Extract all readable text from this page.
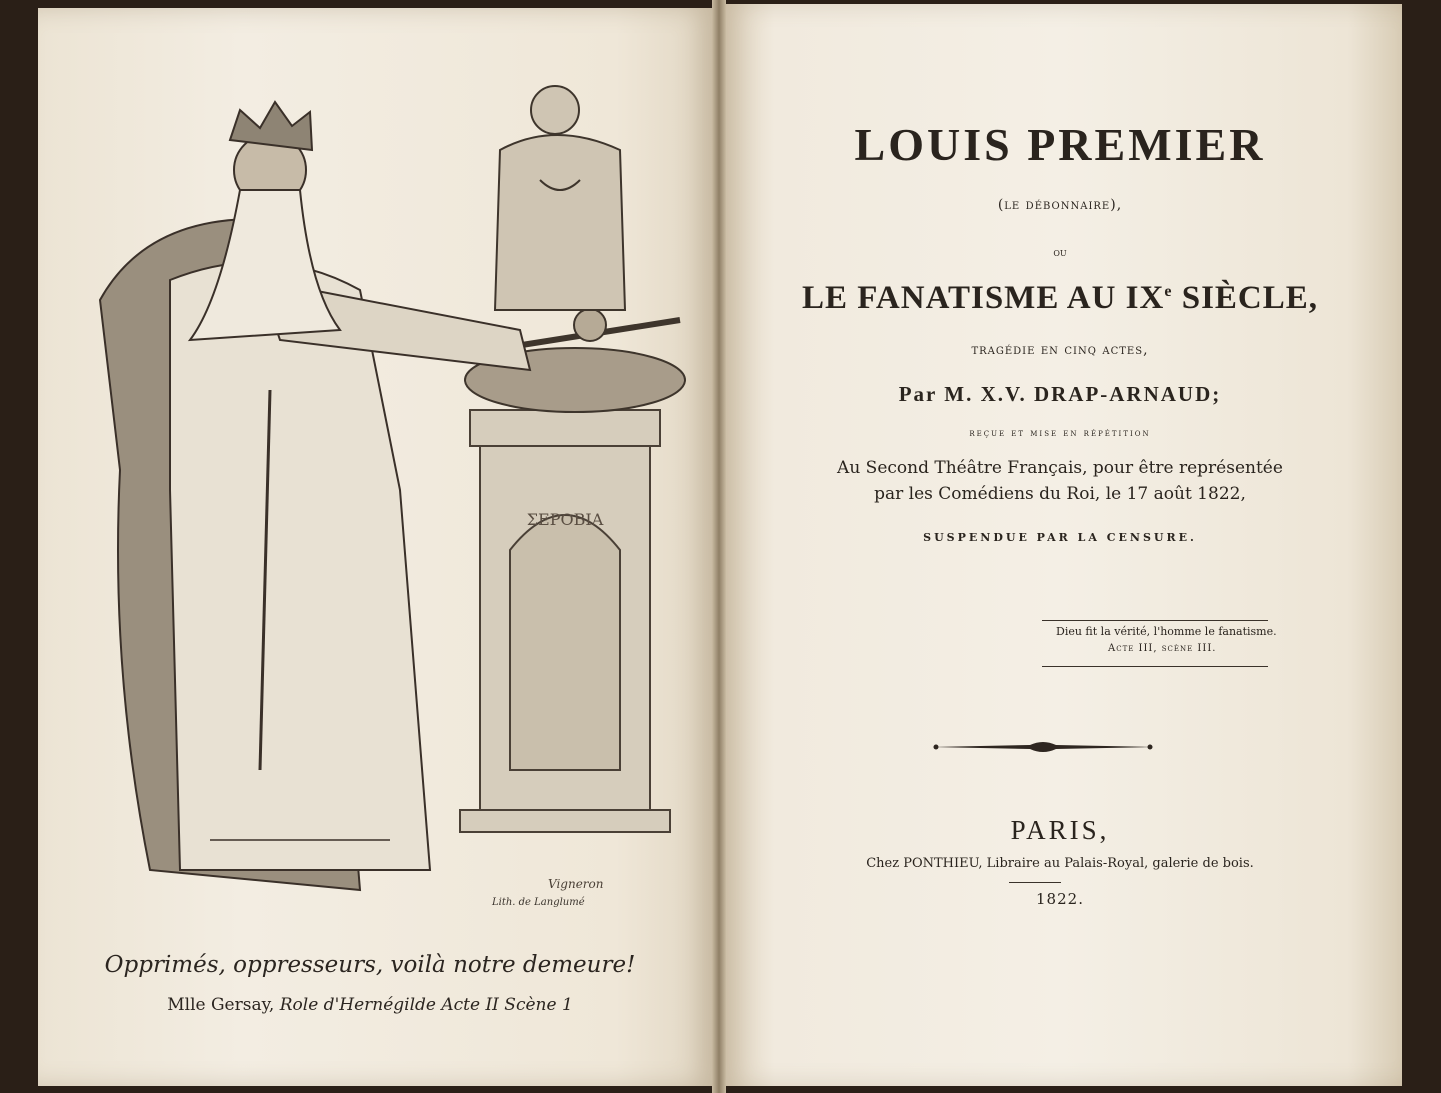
ΣΕΡΟΒΙΑ
Vigneron
Lith. de Langlumé
Opprimés, oppresseurs, voilà notre demeure!
Mlle Gersay, Role d'Hernégilde Acte II Scène 1
LOUIS PREMIER
(le débonnaire),
ou
LE FANATISME AU IXe SIÈCLE,
tragédie en cinq actes,
Par M. X.V. DRAP-ARNAUD;
reçue et mise en répétition
Au Second Théâtre Français, pour être représentée
par les Comédiens du Roi, le 17 août 1822,
SUSPENDUE PAR LA CENSURE.
Dieu fit la vérité, l'homme le fanatisme.
Acte III, scène III.
PARIS,
Chez PONTHIEU, Libraire au Palais-Royal, galerie de bois.
1822.
